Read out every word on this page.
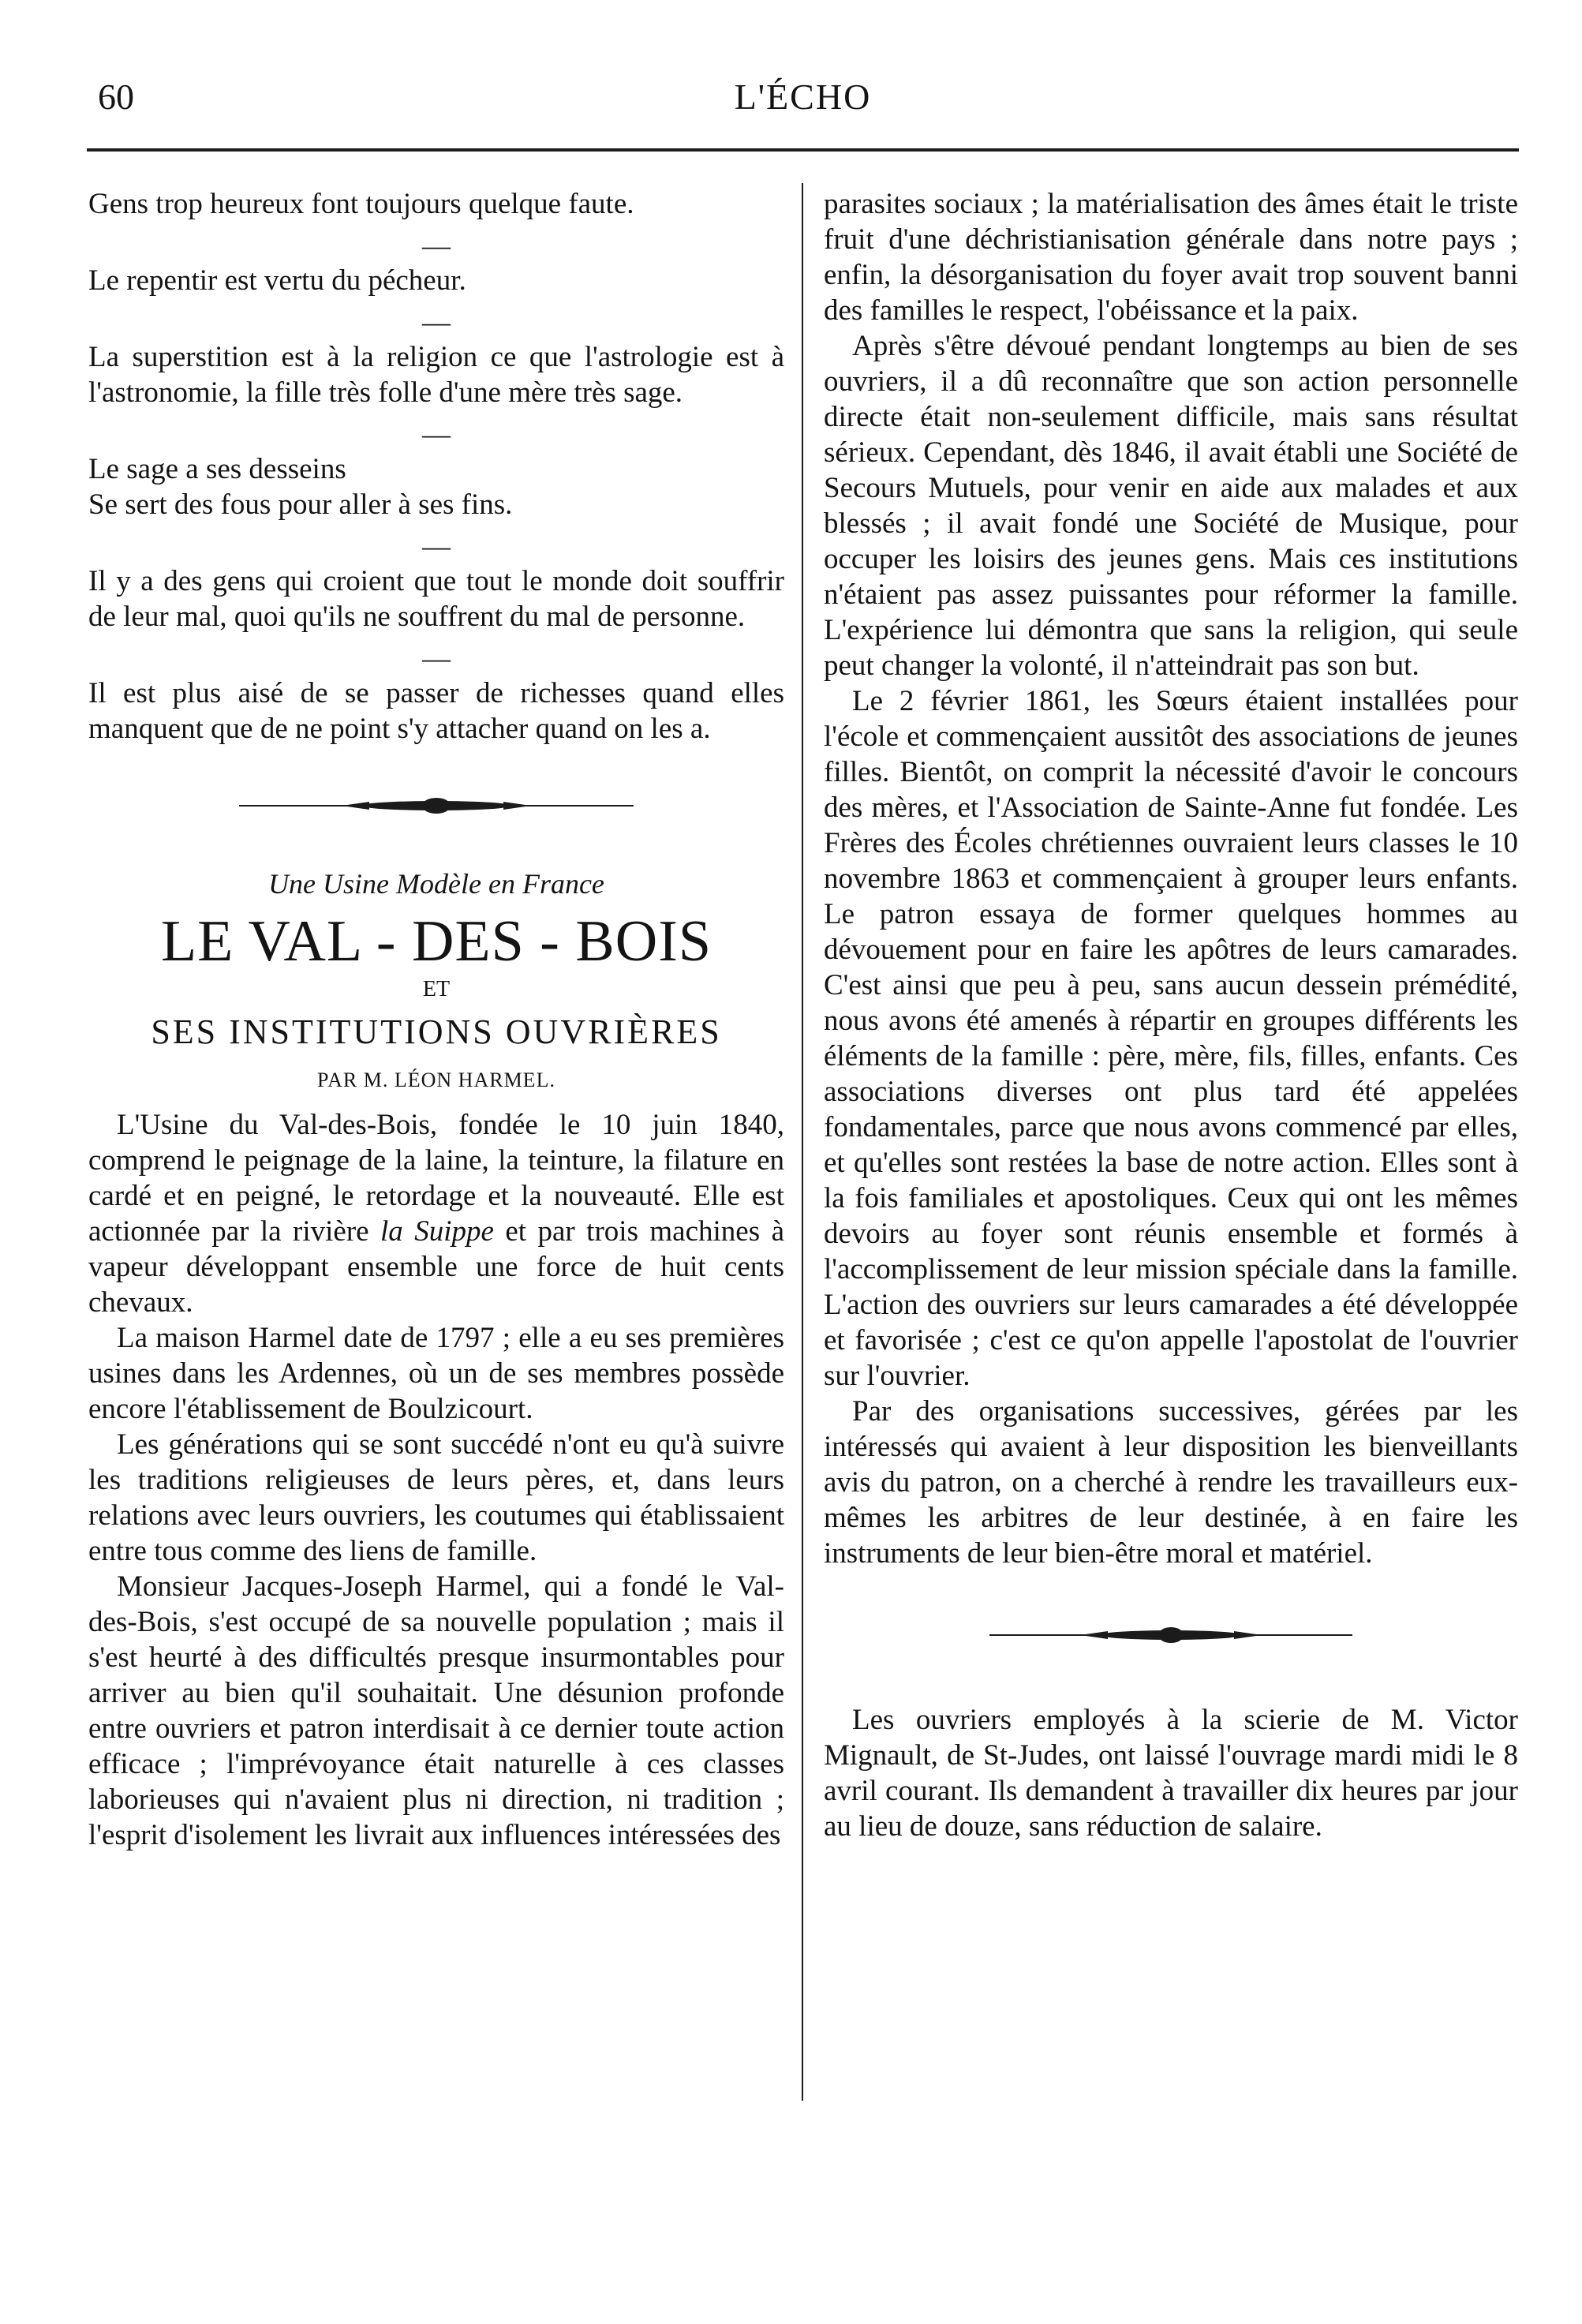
60	L'ÉCHO

Gens trop heureux font toujours quelque faute.

—

Le repentir est vertu du pécheur.

—

La superstition est à la religion ce que l'astrologie est à l'astronomie, la fille très folle d'une mère très sage.

—

Le sage a ses desseins
Se sert des fous pour aller à ses fins.

—

Il y a des gens qui croient que tout le monde doit souffrir de leur mal, quoi qu'ils ne souffrent du mal de personne.

—

Il est plus aisé de se passer de richesses quand elles manquent que de ne point s'y attacher quand on les a.

Une Usine Modèle en France
LE VAL - DES - BOIS
ET
SES INSTITUTIONS OUVRIÈRES
PAR M. LÉON HARMEL.

L'Usine du Val-des-Bois, fondée le 10 juin 1840, comprend le peignage de la laine, la teinture, la filature en cardé et en peigné, le retordage et la nouveauté. Elle est actionnée par la rivière la Suippe et par trois machines à vapeur développant ensemble une force de huit cents chevaux.

La maison Harmel date de 1797 ; elle a eu ses premières usines dans les Ardennes, où un de ses membres possède encore l'établissement de Boulzicourt.

Les générations qui se sont succédé n'ont eu qu'à suivre les traditions religieuses de leurs pères, et, dans leurs relations avec leurs ouvriers, les coutumes qui établissaient entre tous comme des liens de famille.

Monsieur Jacques-Joseph Harmel, qui a fondé le Val-des-Bois, s'est occupé de sa nouvelle population ; mais il s'est heurté à des difficultés presque insurmontables pour arriver au bien qu'il souhaitait. Une désunion profonde entre ouvriers et patron interdisait à ce dernier toute action efficace ; l'imprévoyance était naturelle à ces classes laborieuses qui n'avaient plus ni direction, ni tradition ; l'esprit d'isolement les livrait aux influences intéressées des

parasites sociaux ; la matérialisation des âmes était le triste fruit d'une déchristianisation générale dans notre pays ; enfin, la désorganisation du foyer avait trop souvent banni des familles le respect, l'obéissance et la paix.

Après s'être dévoué pendant longtemps au bien de ses ouvriers, il a dû reconnaître que son action personnelle directe était non-seulement difficile, mais sans résultat sérieux. Cependant, dès 1846, il avait établi une Société de Secours Mutuels, pour venir en aide aux malades et aux blessés ; il avait fondé une Société de Musique, pour occuper les loisirs des jeunes gens. Mais ces institutions n'étaient pas assez puissantes pour réformer la famille. L'expérience lui démontra que sans la religion, qui seule peut changer la volonté, il n'atteindrait pas son but.

Le 2 février 1861, les Sœurs étaient installées pour l'école et commençaient aussitôt des associations de jeunes filles. Bientôt, on comprit la nécessité d'avoir le concours des mères, et l'Association de Sainte-Anne fut fondée. Les Frères des Écoles chrétiennes ouvraient leurs classes le 10 novembre 1863 et commençaient à grouper leurs enfants. Le patron essaya de former quelques hommes au dévouement pour en faire les apôtres de leurs camarades. C'est ainsi que peu à peu, sans aucun dessein prémédité, nous avons été amenés à répartir en groupes différents les éléments de la famille : père, mère, fils, filles, enfants. Ces associations diverses ont plus tard été appelées fondamentales, parce que nous avons commencé par elles, et qu'elles sont restées la base de notre action. Elles sont à la fois familiales et apostoliques. Ceux qui ont les mêmes devoirs au foyer sont réunis ensemble et formés à l'accomplissement de leur mission spéciale dans la famille. L'action des ouvriers sur leurs camarades a été développée et favorisée ; c'est ce qu'on appelle l'apostolat de l'ouvrier sur l'ouvrier.

Par des organisations successives, gérées par les intéressés qui avaient à leur disposition les bienveillants avis du patron, on a cherché à rendre les travailleurs eux-mêmes les arbitres de leur destinée, à en faire les instruments de leur bien-être moral et matériel.

Les ouvriers employés à la scierie de M. Victor Mignault, de St-Judes, ont laissé l'ouvrage mardi midi le 8 avril courant. Ils demandent à travailler dix heures par jour au lieu de douze, sans réduction de salaire.
